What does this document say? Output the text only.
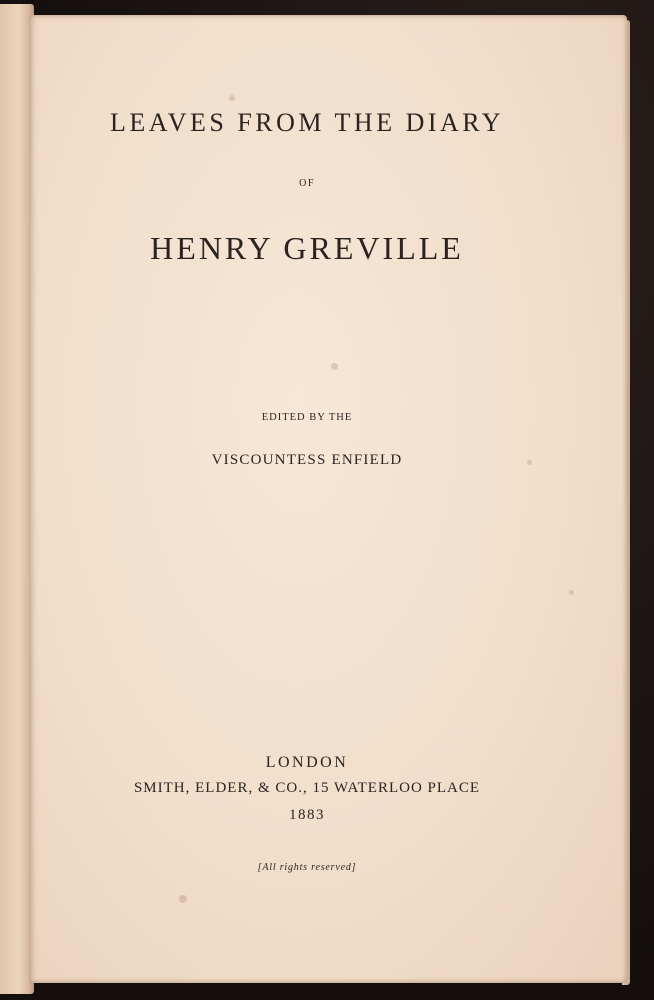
LEAVES FROM THE DIARY
OF
HENRY GREVILLE
EDITED BY THE
VISCOUNTESS ENFIELD
LONDON
SMITH, ELDER, & CO., 15 WATERLOO PLACE
1883
[All rights reserved]
